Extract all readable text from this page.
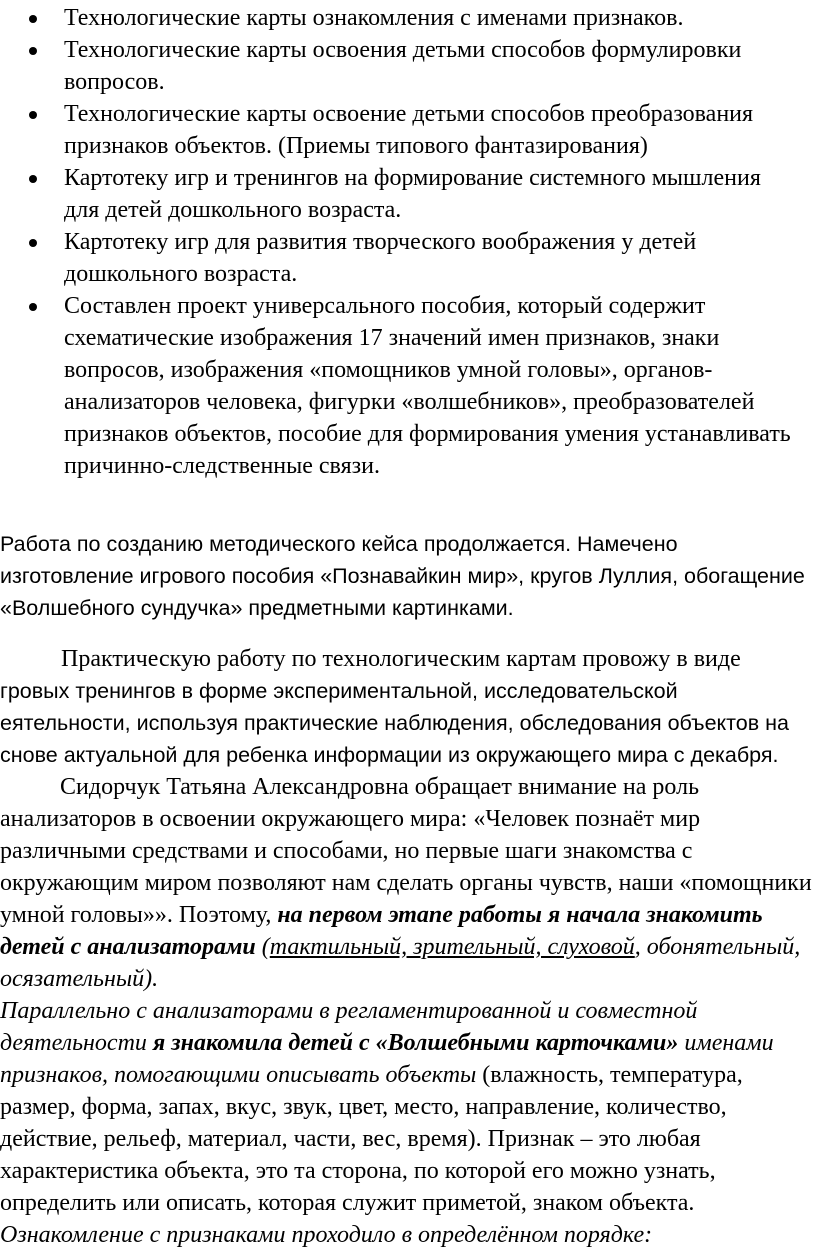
Технологические карты ознакомления с именами признаков.
Технологические карты освоения детьми способов формулировки вопросов.
Технологические карты освоение детьми способов преобразования признаков объектов. (Приемы типового фантазирования)
Картотеку игр и тренингов на формирование системного мышления для детей дошкольного возраста.
Картотеку игр для развития творческого воображения у детей дошкольного возраста.
Составлен проект универсального пособия, который содержит схематические изображения 17 значений имен признаков, знаки вопросов, изображения «помощников умной головы», органов-анализаторов человека, фигурки «волшебников», преобразователей признаков объектов, пособие для формирования умения устанавливать причинно-следственные связи.

Работа по созданию методического кейса продолжается. Намечено изготовление игрового пособия «Познавайкин мир», кругов Луллия, обогащение «Волшебного сундучка» предметными картинками.

Практическую работу по технологическим картам провожу в виде
гровых тренингов в форме экспериментальной, исследовательской
еятельности, используя практические наблюдения, обследования объектов на
снове актуальной для ребенка информации из окружающего мира с декабря.

Сидорчук Татьяна Александровна обращает внимание на роль анализаторов в освоении окружающего мира: «Человек познаёт мир различными средствами и способами, но первые шаги знакомства с окружающим миром позволяют нам сделать органы чувств, наши «помощники умной головы»». Поэтому, на первом этапе работы я начала знакомить детей с анализаторами (тактильный, зрительный, слуховой, обонятельный, осязательный).
Параллельно с анализаторами в регламентированной и совместной деятельности я знакомила детей с «Волшебными карточками» именами признаков, помогающими описывать объекты (влажность, температура, размер, форма, запах, вкус, звук, цвет, место, направление, количество, действие, рельеф, материал, части, вес, время). Признак – это любая характеристика объекта, это та сторона, по которой его можно узнать, определить или описать, которая служит приметой, знаком объекта.
Ознакомление с признаками проходило в определённом порядке:
